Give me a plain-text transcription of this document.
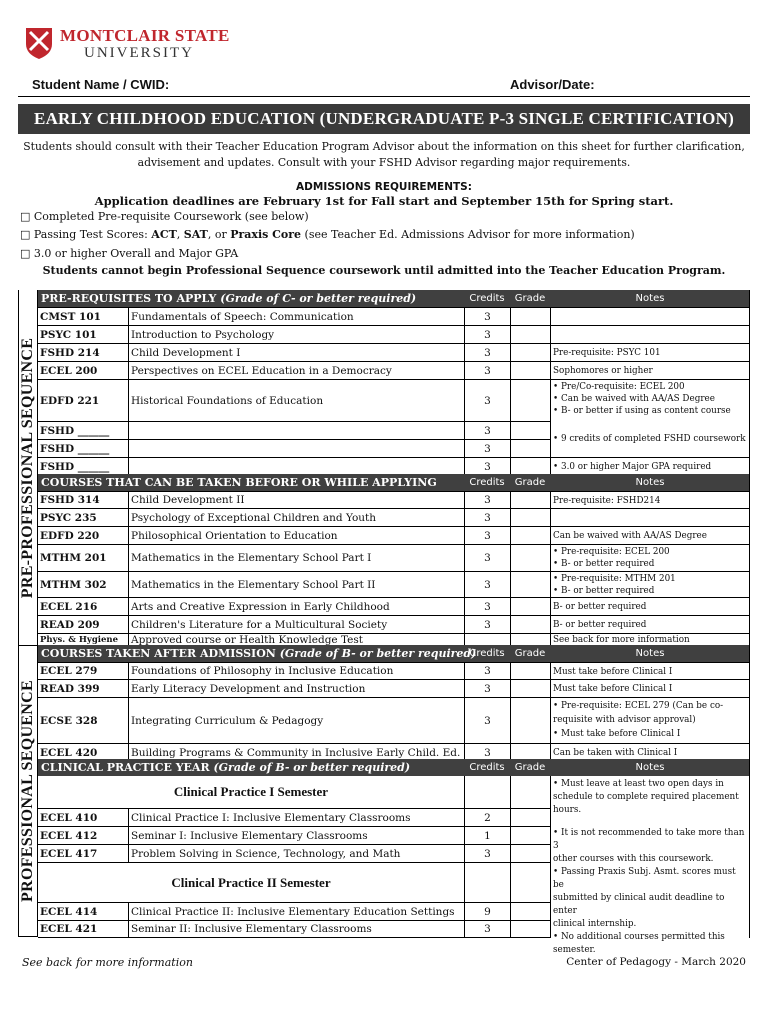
MONTCLAIR STATE
UNIVERSITY
Student Name / CWID:	Advisor/Date:
EARLY CHILDHOOD EDUCATION (UNDERGRADUATE P-3 SINGLE CERTIFICATION)
Students should consult with their Teacher Education Program Advisor about the information on this sheet for further clarification,
advisement and updates. Consult with your FSHD Advisor regarding major requirements.
ADMISSIONS REQUIREMENTS:
Application deadlines are February 1st for Fall start and September 15th for Spring start.
□ Completed Pre-requisite Coursework (see below)
□ Passing Test Scores: ACT, SAT, or Praxis Core (see Teacher Ed. Admissions Advisor for more information)
□ 3.0 or higher Overall and Major GPA
Students cannot begin Professional Sequence coursework until admitted into the Teacher Education Program.
PRE-PROFESSIONAL SEQUENCE
PROFESSIONAL SEQUENCE
PRE-REQUISITES TO APPLY
(Grade of C- or better required)	Credits	Grade	Notes
CMST 101	Fundamentals of Speech: Communication	3
PSYC 101	Introduction to Psychology	3
FSHD 214	Child Development I	3	Pre-requisite: PSYC 101
ECEL 200	Perspectives on ECEL Education in a Democracy	3	Sophomores or higher
EDFD 221	Historical Foundations of Education	3
• Pre/Co-requisite: ECEL 200
• Can be waived with AA/AS Degree
• B- or better if using as content course
FSHD ______	3
FSHD ______	3
• 9 credits of completed FSHD coursework
FSHD ______	3	• 3.0 or higher Major GPA required
COURSES THAT CAN BE TAKEN BEFORE OR WHILE APPLYING	Credits	Grade	Notes
FSHD 314	Child Development II	3	Pre-requisite: FSHD214
PSYC 235	Psychology of Exceptional Children and Youth	3
EDFD 220	Philosophical Orientation to Education	3	Can be waived with AA/AS Degree
MTHM 201	Mathematics in the Elementary School Part I	3	• Pre-requisite: ECEL 200
• B- or better required
MTHM 302	Mathematics in the Elementary School Part II	3	• Pre-requisite: MTHM 201
• B- or better required
ECEL 216	Arts and Creative Expression in Early Childhood	3	B- or better required
READ 209	Children's Literature for a Multicultural Society	3	B- or better required
Phys. & Hygiene	Approved course or Health Knowledge Test	See back for more information
COURSES TAKEN AFTER ADMISSION
(Grade of B- or better required)
Credits	Grade	Notes
ECEL 279	Foundations of Philosophy in Inclusive Education	3	Must take before Clinical I
READ 399	Early Literacy Development and Instruction	3	Must take before Clinical I
ECSE 328	Integrating Curriculum & Pedagogy	3
• Pre-requisite: ECEL 279 (Can be co-
requisite with advisor approval)
• Must take before Clinical I
ECEL 420	Building Programs & Community in Inclusive Early Child. Ed.	3	Can be taken with Clinical I
CLINICAL PRACTICE YEAR
(Grade of B- or better required)	Credits	Grade	Notes
Clinical Practice I Semester
ECEL 410	Clinical Practice I: Inclusive Elementary Classrooms	2
ECEL 412	Seminar I: Inclusive Elementary Classrooms	1
ECEL 417	Problem Solving in Science, Technology, and Math	3
Clinical Practice II Semester
ECEL 414	Clinical Practice II: Inclusive Elementary Education Settings	9
ECEL 421	Seminar II: Inclusive Elementary Classrooms	3
• Must leave at least two open days in
schedule to complete required placement
hours.
• It is not recommended to take more than 3
other courses with this coursework.
• Passing Praxis Subj. Asmt. scores must be
submitted by clinical audit deadline to enter
clinical internship.
• No additional courses permitted this
semester.
See back for more information	Center of Pedagogy - March 2020
